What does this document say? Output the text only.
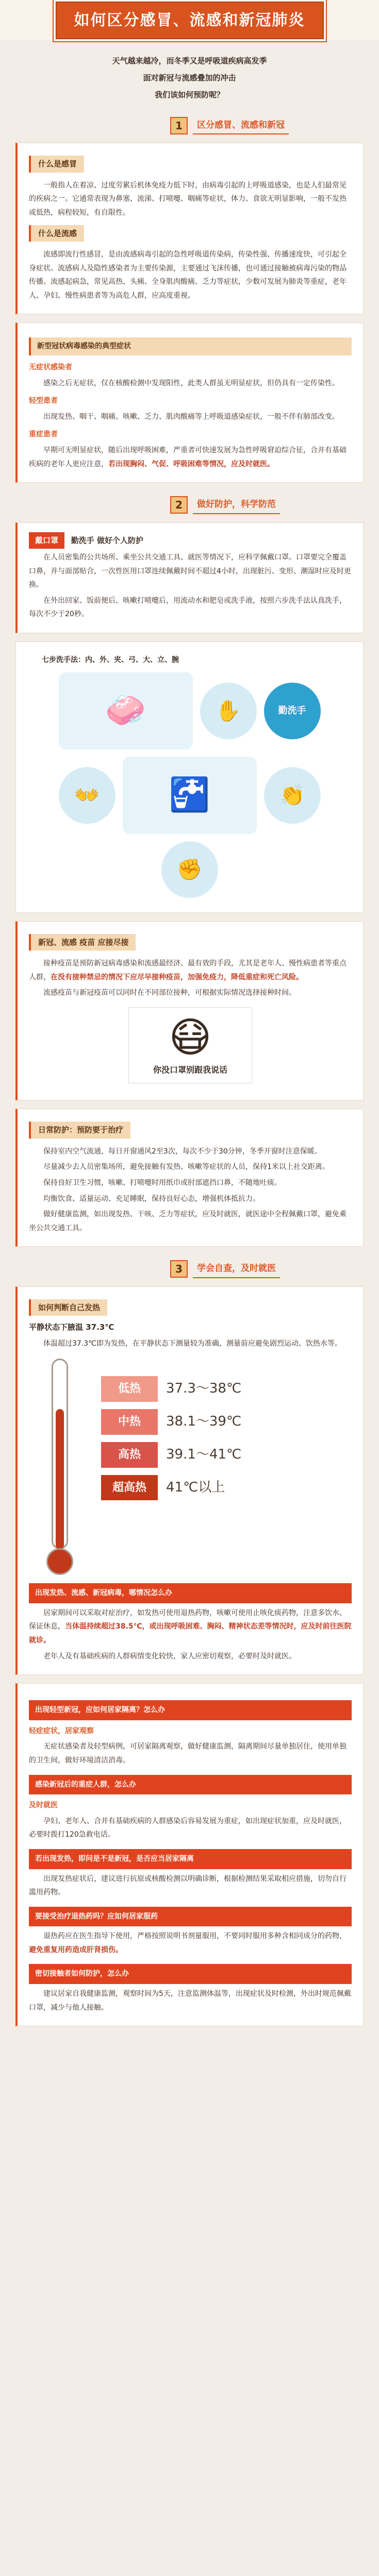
如何区分感冒、流感和新冠肺炎
天气越来越冷，而冬季又是呼吸道疾病高发季
面对新冠与流感叠加的冲击
我们该如何预防呢？
1	区分感冒、流感和新冠
什么是感冒

一般指人在着凉、过度劳累后机体免疫力低下时，由病毒引起的上呼吸道感染，也是人们最常见的疾病之一。它通常表现为鼻塞、流涕、打喷嚏、咽痛等症状，体力、食欲无明显影响，一般不发热或低热，病程较短，有自限性。

什么是流感

流感即流行性感冒，是由流感病毒引起的急性呼吸道传染病，传染性强、传播速度快，可引起全身症状。流感病人及隐性感染者为主要传染源，主要通过飞沫传播，也可通过接触被病毒污染的物品传播。流感起病急，常见高热、头痛、全身肌肉酸痛、乏力等症状，少数可发展为肺炎等重症，老年人、孕妇、慢性病患者等为高危人群，应高度重视。

新型冠状病毒感染的典型症状
无症状感染者

感染之后无症状，仅在核酸检测中发现阳性，此类人群虽无明显症状，但仍具有一定传染性。

轻型患者

出现发热、咽干、咽痛、咳嗽、乏力、肌肉酸痛等上呼吸道感染症状，一般不伴有肺部改变。

重症患者

早期可无明显症状，随后出现呼吸困难，严重者可快速发展为急性呼吸窘迫综合征，合并有基础疾病的老年人更应注意，若出现胸闷、气促、呼吸困难等情况，应及时就医。

2	做好防护，科学防范
戴口罩 勤洗手 做好个人防护

在人员密集的公共场所、乘坐公共交通工具、就医等情况下，应科学佩戴口罩。口罩要完全覆盖口鼻，并与面部贴合，一次性医用口罩连续佩戴时间不超过4小时，出现脏污、变形、潮湿时应及时更换。

在外出回家、饭前便后、咳嗽打喷嚏后，用流动水和肥皂或洗手液，按照六步洗手法认真洗手，每次不少于20秒。

七步洗手法：内、外、夹、弓、大、立、腕

🧼	✋	勤洗手
👐 🚰	👏
✊
新冠、流感 疫苗 应接尽接

接种疫苗是预防新冠病毒感染和流感最经济、最有效的手段，尤其是老年人、慢性病患者等重点人群，在没有接种禁忌的情况下应尽早接种疫苗，加强免疫力，降低重症和死亡风险。

流感疫苗与新冠疫苗可以同时在不同部位接种，可根据实际情况选择接种时间。

😷
你没口罩别跟我说话
日常防护：预防要于治疗

保持室内空气流通，每日开窗通风2至3次，每次不少于30分钟，冬季开窗时注意保暖。

尽量减少去人员密集场所，避免接触有发热、咳嗽等症状的人员，保持1米以上社交距离。

保持良好卫生习惯，咳嗽、打喷嚏时用纸巾或肘部遮挡口鼻，不随地吐痰。

均衡饮食、适量运动、充足睡眠，保持良好心态，增强机体抵抗力。

做好健康监测，如出现发热、干咳、乏力等症状，应及时就医，就医途中全程佩戴口罩，避免乘坐公共交通工具。

3	学会自查，及时就医
如何判断自己发热
平静状态下腋温 37.3℃

体温超过37.3℃即为发热，在平静状态下测量较为准确，测量前应避免剧烈运动、饮热水等。

低热	37.3～38℃
中热	38.1～39℃
高热	39.1～41℃
超高热	41℃以上
出现发热、流感、新冠病毒，哪情况怎么办

居家期间可以采取对症治疗，如发热可使用退热药物，咳嗽可使用止咳化痰药物，注意多饮水、保证休息，当体温持续超过38.5℃，或出现呼吸困难、胸闷、精神状态差等情况时，应及时前往医院就诊。

老年人及有基础疾病的人群病情变化较快，家人应密切观察，必要时及时就医。

出现轻型新冠，应如何居家隔离？怎么办
轻症症状，居家观察

无症状感染者及轻型病例，可居家隔离观察，做好健康监测，隔离期间尽量单独居住，使用单独的卫生间，做好环境清洁消毒。

感染新冠后的重症人群，怎么办
及时就医

孕妇、老年人、合并有基础疾病的人群感染后容易发展为重症，如出现症状加重，应及时就医，必要时拨打120急救电话。

若出现发热，即问是不是新冠，是否应当居家隔离

出现发热症状后，建议进行抗原或核酸检测以明确诊断，根据检测结果采取相应措施，切勿自行滥用药物。

要接受治疗退热药吗？应如何居家服药

退热药应在医生指导下使用，严格按照说明书剂量服用，不要同时服用多种含相同成分的药物，避免重复用药造成肝肾损伤。

密切接触者如何防护，怎么办

建议居家自我健康监测，观察时间为5天，注意监测体温等，出现症状及时检测，外出时规范佩戴口罩，减少与他人接触。
